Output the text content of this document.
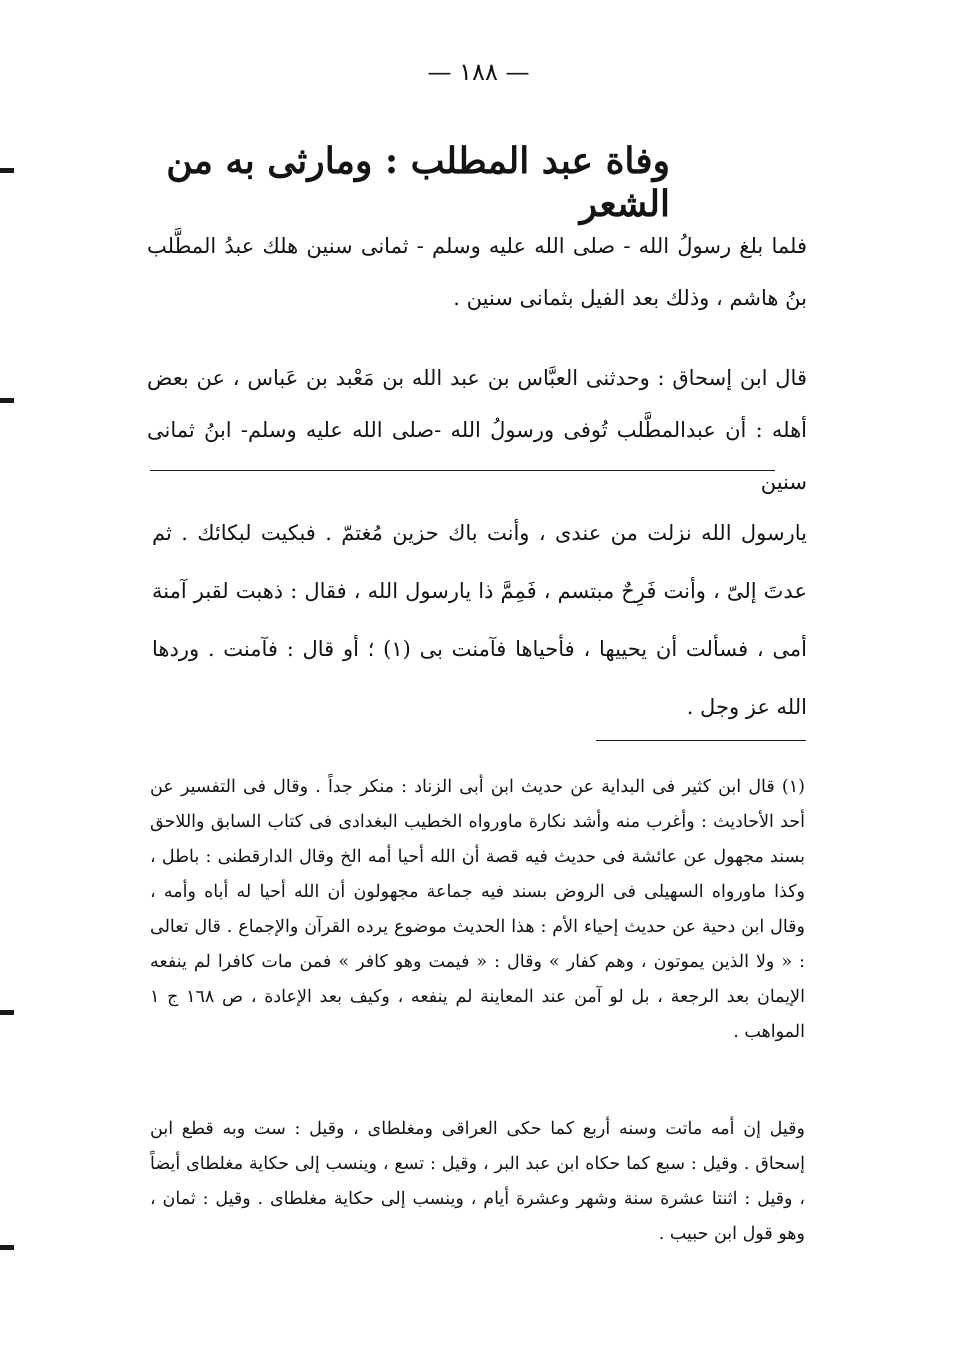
— ١٨٨ —
وفاة عبد المطلب : ومارثى به من الشعر

فلما بلغ رسولُ الله - صلى الله عليه وسلم - ثمانى سنين هلك عبدُ المطَّلب بنُ هاشم ، وذلك بعد الفيل بثمانى سنين .

قال ابن إسحاق : وحدثنى العبَّاس بن عبد الله بن مَعْبد بن عَباس ، عن بعض أهله : أن عبدالمطَّلب تُوفى ورسولُ الله -صلى الله عليه وسلم- ابنُ ثمانى سنين

يارسول الله نزلت من عندى ، وأنت باك حزين مُغتمّ . فبكيت لبكائك . ثم عدتَ إلىّ ، وأنت فَرِحٌ مبتسم ، فَمِمَّ ذا يارسول الله ، فقال : ذهبت لقبر آمنة أمى ، فسألت أن يحييها ، فأحياها فآمنت بى (١) ؛ أو قال : فآمنت . وردها الله عز وجل .

(١) قال ابن كثير فى البداية عن حديث ابن أبى الزناد : منكر جداً . وقال فى التفسير عن أحد الأحاديث : وأغرب منه وأشد نكارة ماورواه الخطيب البغدادى فى كتاب السابق واللاحق بسند مجهول عن عائشة فى حديث فيه قصة أن الله أحيا أمه الخ وقال الدارقطنى : باطل ، وكذا ماورواه السهيلى فى الروض بسند فيه جماعة مجهولون أن الله أحيا له أباه وأمه ، وقال ابن دحية عن حديث إحياء الأم : هذا الحديث موضوع يرده القرآن والإجماع . قال تعالى : « ولا الذين يموتون ، وهم كفار » وقال : « فيمت وهو كافر » فمن مات كافرا لم ينفعه الإيمان بعد الرجعة ، بل لو آمن عند المعاينة لم ينفعه ، وكيف بعد الإعادة ، ص ١٦٨ ج ١ المواهب .

وقيل إن أمه ماتت وسنه أربع كما حكى العراقى ومغلطاى ، وقيل : ست وبه قطع ابن إسحاق . وقيل : سبع كما حكاه ابن عبد البر ، وقيل : تسع ، وينسب إلى حكاية مغلطاى أيضاً ، وقيل : اثنتا عشرة سنة وشهر وعشرة أيام ، وينسب إلى حكاية مغلطاى . وقيل : ثمان ، وهو قول ابن حبيب .
